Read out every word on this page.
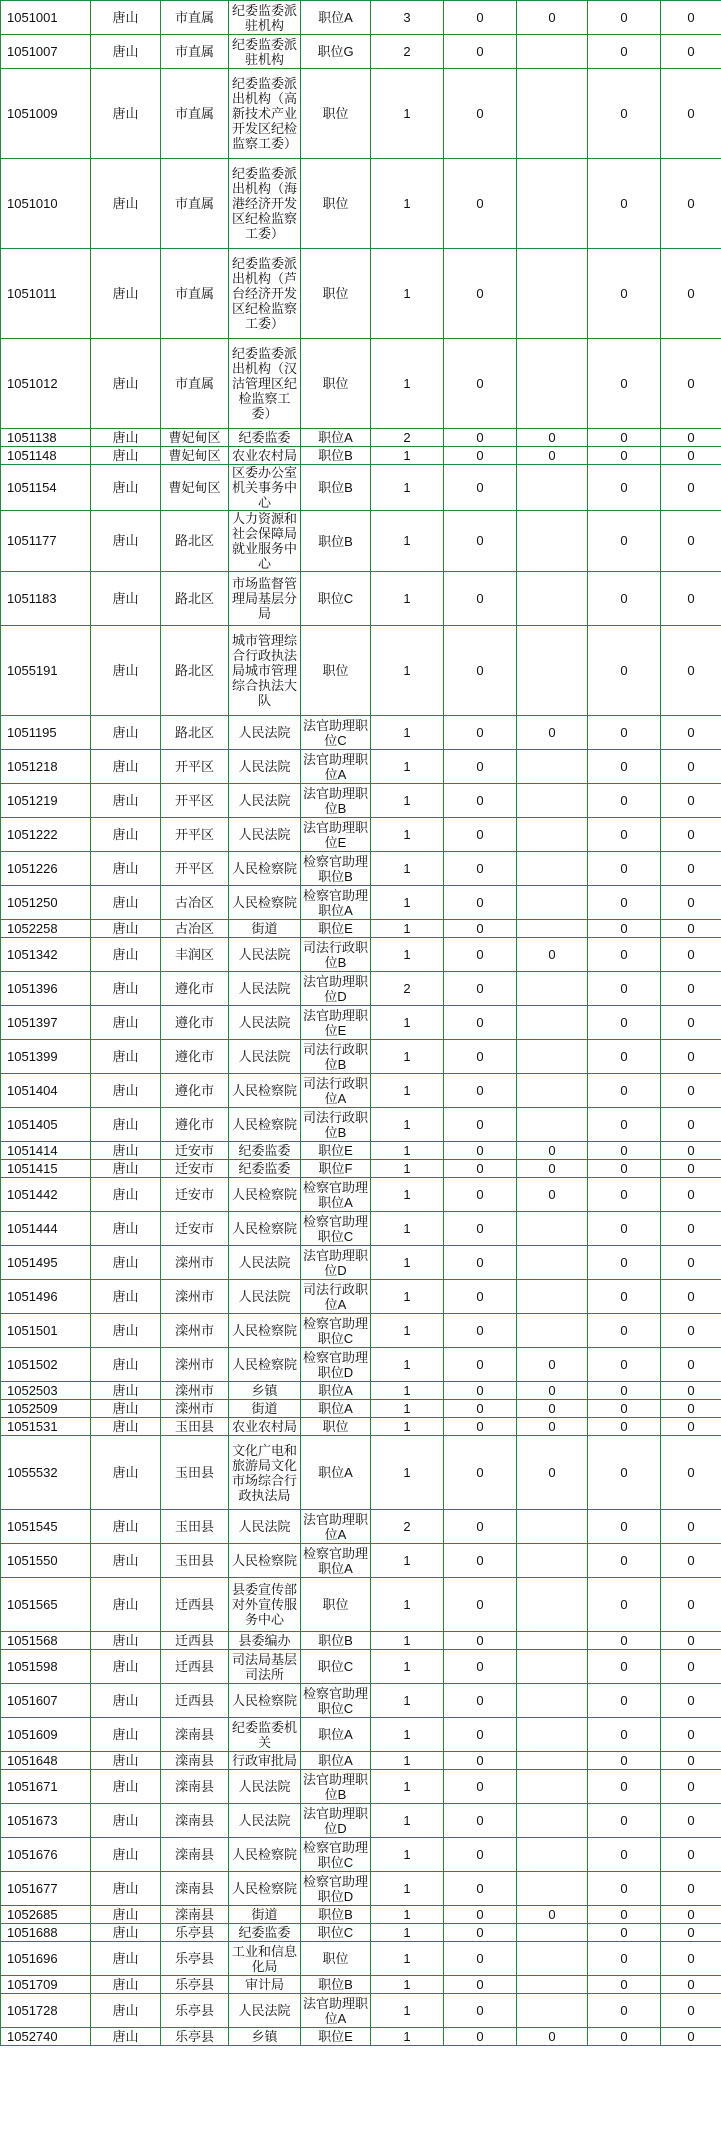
1051001	唐山	市直属	纪委监委派驻机构	职位A	3	0	0	0	0
1051007	唐山	市直属	纪委监委派驻机构	职位G	2	0		0	0
1051009	唐山	市直属	纪委监委派出机构（高新技术产业开发区纪检监察工委）	职位	1	0		0	0
1051010	唐山	市直属	纪委监委派出机构（海港经济开发区纪检监察工委）	职位	1	0		0	0
1051011	唐山	市直属	纪委监委派出机构（芦台经济开发区纪检监察工委）	职位	1	0		0	0
1051012	唐山	市直属	纪委监委派出机构（汉沽管理区纪检监察工委）	职位	1	0		0	0
1051138	唐山	曹妃甸区	纪委监委	职位A	2	0	0	0	0
1051148	唐山	曹妃甸区	农业农村局	职位B	1	0	0	0	0
1051154	唐山	曹妃甸区	区委办公室机关事务中心	职位B	1	0		0	0
1051177	唐山	路北区	人力资源和社会保障局就业服务中心	职位B	1	0		0	0
1051183	唐山	路北区	市场监督管理局基层分局	职位C	1	0		0	0
1055191	唐山	路北区	城市管理综合行政执法局城市管理综合执法大队	职位	1	0		0	0
1051195	唐山	路北区	人民法院	法官助理职位C	1	0	0	0	0
1051218	唐山	开平区	人民法院	法官助理职位A	1	0		0	0
1051219	唐山	开平区	人民法院	法官助理职位B	1	0		0	0
1051222	唐山	开平区	人民法院	法官助理职位E	1	0		0	0
1051226	唐山	开平区	人民检察院	检察官助理职位B	1	0		0	0
1051250	唐山	古冶区	人民检察院	检察官助理职位A	1	0		0	0
1052258	唐山	古冶区	街道	职位E	1	0		0	0
1051342	唐山	丰润区	人民法院	司法行政职位B	1	0	0	0	0
1051396	唐山	遵化市	人民法院	法官助理职位D	2	0		0	0
1051397	唐山	遵化市	人民法院	法官助理职位E	1	0		0	0
1051399	唐山	遵化市	人民法院	司法行政职位B	1	0		0	0
1051404	唐山	遵化市	人民检察院	司法行政职位A	1	0		0	0
1051405	唐山	遵化市	人民检察院	司法行政职位B	1	0		0	0
1051414	唐山	迁安市	纪委监委	职位E	1	0	0	0	0
1051415	唐山	迁安市	纪委监委	职位F	1	0	0	0	0
1051442	唐山	迁安市	人民检察院	检察官助理职位A	1	0	0	0	0
1051444	唐山	迁安市	人民检察院	检察官助理职位C	1	0		0	0
1051495	唐山	滦州市	人民法院	法官助理职位D	1	0		0	0
1051496	唐山	滦州市	人民法院	司法行政职位A	1	0		0	0
1051501	唐山	滦州市	人民检察院	检察官助理职位C	1	0		0	0
1051502	唐山	滦州市	人民检察院	检察官助理职位D	1	0	0	0	0
1052503	唐山	滦州市	乡镇	职位A	1	0	0	0	0
1052509	唐山	滦州市	街道	职位A	1	0	0	0	0
1051531	唐山	玉田县	农业农村局	职位	1	0	0	0	0
1055532	唐山	玉田县	文化广电和旅游局文化市场综合行政执法局	职位A	1	0	0	0	0
1051545	唐山	玉田县	人民法院	法官助理职位A	2	0		0	0
1051550	唐山	玉田县	人民检察院	检察官助理职位A	1	0		0	0
1051565	唐山	迁西县	县委宣传部对外宣传服务中心	职位	1	0		0	0
1051568	唐山	迁西县	县委编办	职位B	1	0		0	0
1051598	唐山	迁西县	司法局基层司法所	职位C	1	0		0	0
1051607	唐山	迁西县	人民检察院	检察官助理职位C	1	0		0	0
1051609	唐山	滦南县	纪委监委机关	职位A	1	0		0	0
1051648	唐山	滦南县	行政审批局	职位A	1	0		0	0
1051671	唐山	滦南县	人民法院	法官助理职位B	1	0		0	0
1051673	唐山	滦南县	人民法院	法官助理职位D	1	0		0	0
1051676	唐山	滦南县	人民检察院	检察官助理职位C	1	0		0	0
1051677	唐山	滦南县	人民检察院	检察官助理职位D	1	0		0	0
1052685	唐山	滦南县	街道	职位B	1	0	0	0	0
1051688	唐山	乐亭县	纪委监委	职位C	1	0		0	0
1051696	唐山	乐亭县	工业和信息化局	职位	1	0		0	0
1051709	唐山	乐亭县	审计局	职位B	1	0		0	0
1051728	唐山	乐亭县	人民法院	法官助理职位A	1	0		0	0
1052740	唐山	乐亭县	乡镇	职位E	1	0	0	0	0
